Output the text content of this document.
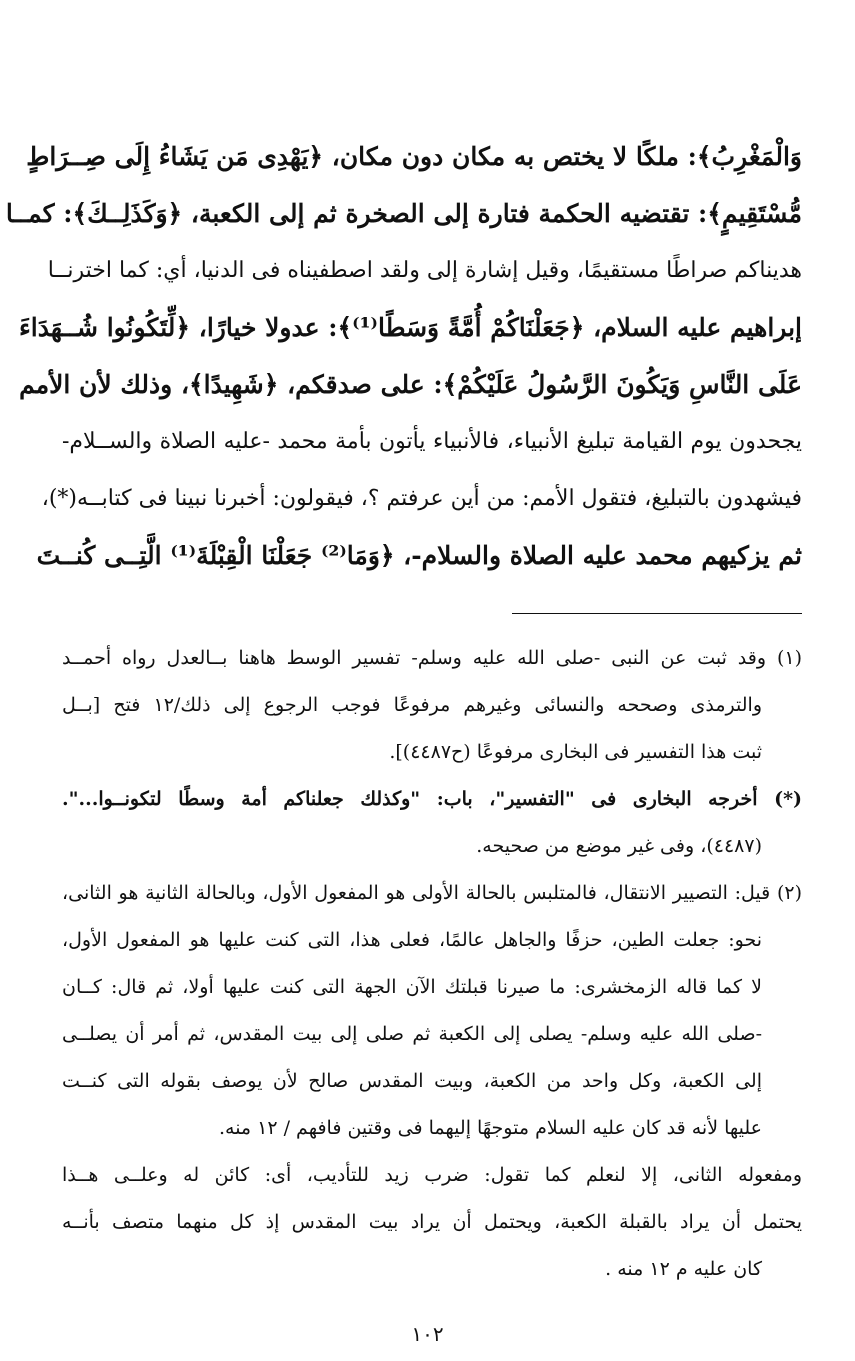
وَالْمَغْرِبُ﴾: ملكًا لا يختص به مكان دون مكان، ﴿يَهْدِى مَن يَشَاءُ إِلَى صِــرَاطٍ
مُّسْتَقِيمٍ﴾: تقتضيه الحكمة فتارة إلى الصخرة ثم إلى الكعبة، ﴿وَكَذَلِــكَ﴾: كمــا
هديناكم صراطًا مستقيمًا، وقيل إشارة إلى ولقد اصطفيناه فى الدنيا، أي: كما اخترنــا
إبراهيم عليه السلام، ﴿جَعَلْنَاكُمْ أُمَّةً وَسَطًا⁽¹⁾﴾: عدولا خيارًا، ﴿لِّتَكُونُوا شُــهَدَاءَ
عَلَى النَّاسِ وَيَكُونَ الرَّسُولُ عَلَيْكُمْ﴾: على صدقكم، ﴿شَهِيدًا﴾، وذلك لأن الأمم
يجحدون يوم القيامة تبليغ الأنبياء، فالأنبياء يأتون بأمة محمد -عليه الصلاة والســلام-
فيشهدون بالتبليغ، فتقول الأمم: من أين عرفتم ؟، فيقولون: أخبرنا نبينا فى كتابــه(*)،
ثم يزكيهم محمد عليه الصلاة والسلام-، ﴿وَمَا⁽²⁾ جَعَلْنَا الْقِبْلَةَ⁽¹⁾ الَّتِــى كُنــتَ
(١) وقد ثبت عن النبى -صلى الله عليه وسلم- تفسير الوسط هاهنا بــالعدل رواه أحمــد
والترمذى وصححه والنسائى وغيرهم مرفوعًا فوجب الرجوع إلى ذلك/١٢ فتح [بــل
ثبت هذا التفسير فى البخارى مرفوعًا (ح٤٤٨٧)].
(*) أخرجه البخارى فى "التفسير"، باب: "وكذلك جعلناكم أمة وسطًا لتكونــوا...".
(٤٤٨٧)، وفى غير موضع من صحيحه.
(٢) قيل: التصيير الانتقال، فالمتلبس بالحالة الأولى هو المفعول الأول، وبالحالة الثانية هو الثانى،
نحو: جعلت الطين، حزفًا والجاهل عالمًا، فعلى هذا، التى كنت عليها هو المفعول الأول،
لا كما قاله الزمخشرى: ما صيرنا قبلتك الآن الجهة التى كنت عليها أولا، ثم قال: كــان
-صلى الله عليه وسلم- يصلى إلى الكعبة ثم صلى إلى بيت المقدس، ثم أمر أن يصلــى
إلى الكعبة، وكل واحد من الكعبة، وبيت المقدس صالح لأن يوصف بقوله التى كنــت
عليها لأنه قد كان عليه السلام متوجهًا إليهما فى وقتين فافهم / ١٢ منه.
ومفعوله الثانى، إلا لنعلم كما تقول: ضرب زيد للتأديب، أى: كائن له وعلــى هــذا
يحتمل أن يراد بالقبلة الكعبة، ويحتمل أن يراد بيت المقدس إذ كل منهما متصف بأنــه
كان عليه م ١٢ منه .
١٠٢
